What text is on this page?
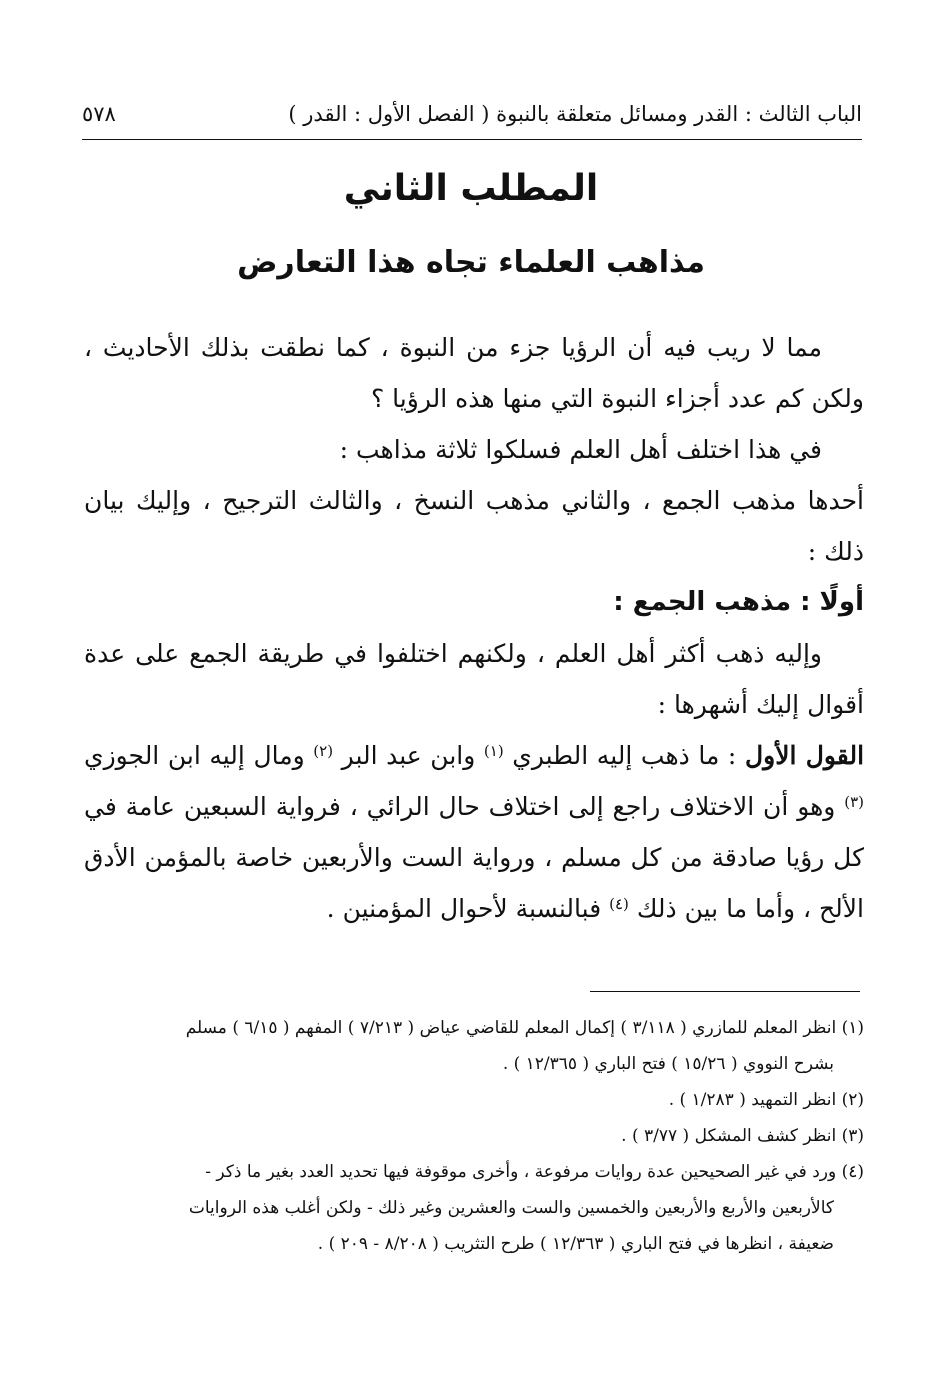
الباب الثالث : القدر ومسائل متعلقة بالنبوة ( الفصل الأول : القدر )
٥٧٨
المطلب الثاني
مذاهب العلماء تجاه هذا التعارض

مما لا ريب فيه أن الرؤيا جزء من النبوة ، كما نطقت بذلك الأحاديث ، ولكن كم عدد أجزاء النبوة التي منها هذه الرؤيا ؟

في هذا اختلف أهل العلم فسلكوا ثلاثة مذاهب :

أحدها مذهب الجمع ، والثاني مذهب النسخ ، والثالث الترجيح ، وإليك بيان ذلك :

أولًا : مذهب الجمع :

وإليه ذهب أكثر أهل العلم ، ولكنهم اختلفوا في طريقة الجمع على عدة أقوال إليك أشهرها :

القول الأول : ما ذهب إليه الطبري $^{(١)}$ وابن عبد البر $^{(٢)}$ ومال إليه ابن الجوزي $^{(٣)}$ وهو أن الاختلاف راجع إلى اختلاف حال الرائي ، فرواية السبعين عامة في كل رؤيا صادقة من كل مسلم ، ورواية الست والأربعين خاصة بالمؤمن الأدق الألح ، وأما ما بين ذلك $^{(٤)}$ فبالنسبة لأحوال المؤمنين .

(١) انظر المعلم للمازري ( ٣/١١٨ ) إكمال المعلم للقاضي عياض ( ٧/٢١٣ ) المفهم ( ٦/١٥ ) مسلم

بشرح النووي ( ١٥/٢٦ ) فتح الباري ( ١٢/٣٦٥ ) .

(٢) انظر التمهيد ( ١/٢٨٣ ) .

(٣) انظر كشف المشكل ( ٣/٧٧ ) .

(٤) ورد في غير الصحيحين عدة روايات مرفوعة ، وأخرى موقوفة فيها تحديد العدد بغير ما ذكر -

كالأربعين والأربع والأربعين والخمسين والست والعشرين وغير ذلك - ولكن أغلب هذه الروايات

ضعيفة ، انظرها في فتح الباري ( ١٢/٣٦٣ ) طرح التثريب ( ٨/٢٠٨ - ٢٠٩ ) .
